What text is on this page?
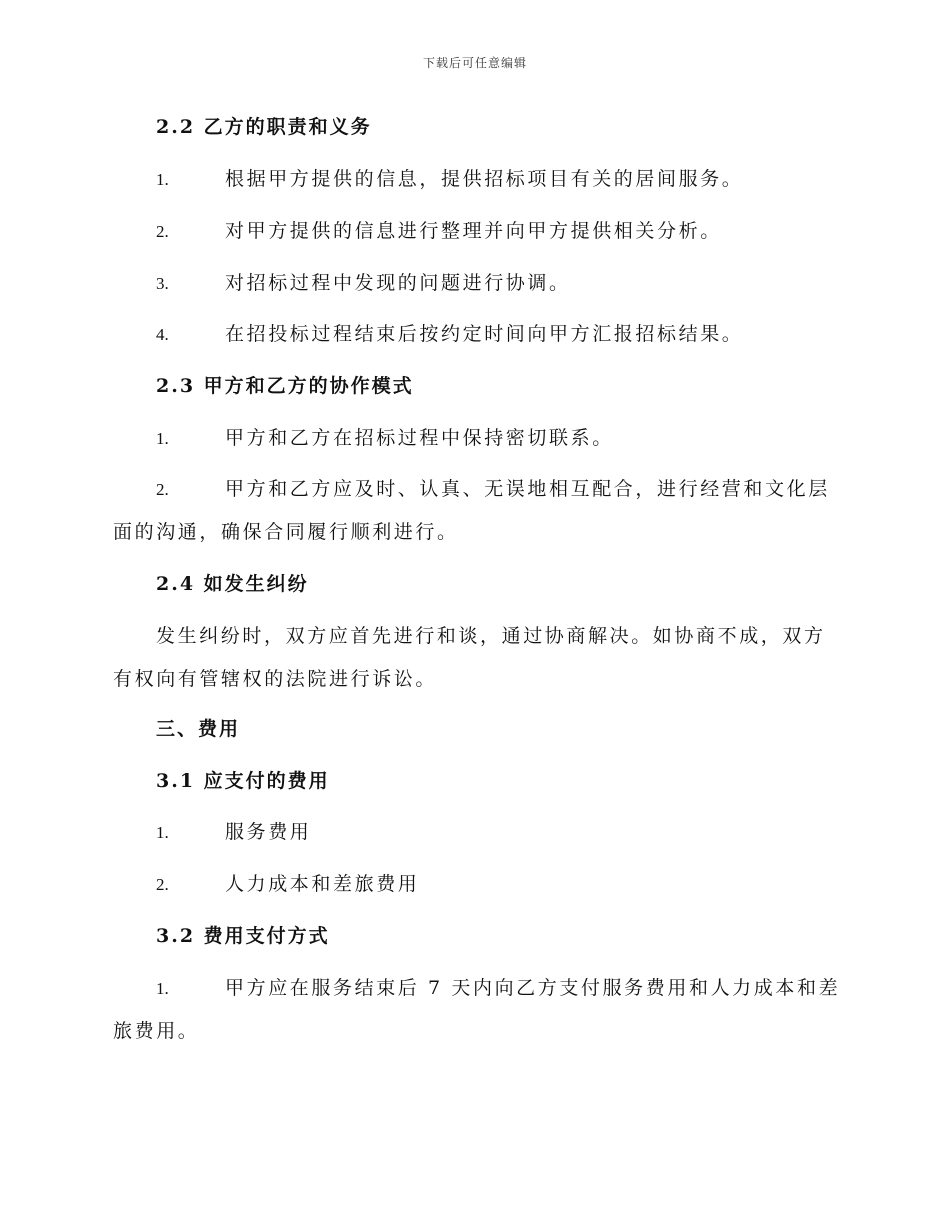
下载后可任意编辑
2.2 乙方的职责和义务
1.	根据甲方提供的信息，提供招标项目有关的居间服务。
2.	对甲方提供的信息进行整理并向甲方提供相关分析。
3.	对招标过程中发现的问题进行协调。
4.	在招投标过程结束后按约定时间向甲方汇报招标结果。
2.3 甲方和乙方的协作模式
1.	甲方和乙方在招标过程中保持密切联系。
2.	甲方和乙方应及时、认真、无误地相互配合，进行经营和文化层
面的沟通，确保合同履行顺利进行。
2.4 如发生纠纷
发生纠纷时，双方应首先进行和谈，通过协商解决。如协商不成，双方
有权向有管辖权的法院进行诉讼。
三、费用
3.1 应支付的费用
1.	服务费用
2.	人力成本和差旅费用
3.2 费用支付方式
1.	甲方应在服务结束后 7 天内向乙方支付服务费用和人力成本和差
旅费用。
